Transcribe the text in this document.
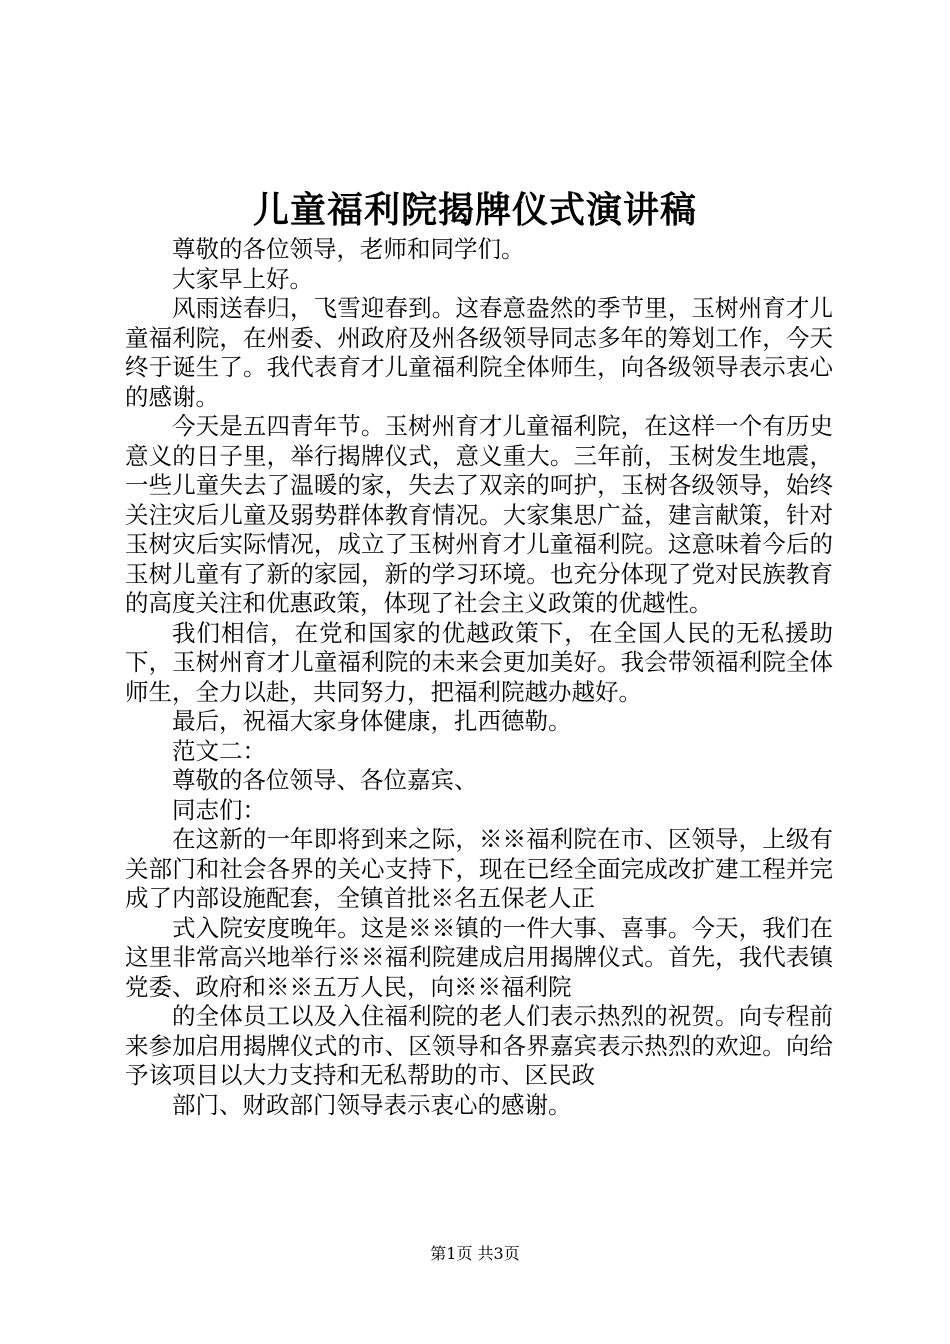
儿童福利院揭牌仪式演讲稿

尊敬的各位领导，老师和同学们。

大家早上好。

风雨送春归，飞雪迎春到。这春意盎然的季节里，玉树州育才儿童福利院，在州委、州政府及州各级领导同志多年的筹划工作，今天终于诞生了。我代表育才儿童福利院全体师生，向各级领导表示衷心的感谢。

今天是五四青年节。玉树州育才儿童福利院，在这样一个有历史意义的日子里，举行揭牌仪式，意义重大。三年前，玉树发生地震，一些儿童失去了温暖的家，失去了双亲的呵护，玉树各级领导，始终关注灾后儿童及弱势群体教育情况。大家集思广益，建言献策，针对玉树灾后实际情况，成立了玉树州育才儿童福利院。这意味着今后的玉树儿童有了新的家园，新的学习环境。也充分体现了党对民族教育的高度关注和优惠政策，体现了社会主义政策的优越性。

我们相信，在党和国家的优越政策下，在全国人民的无私援助下，玉树州育才儿童福利院的未来会更加美好。我会带领福利院全体师生，全力以赴，共同努力，把福利院越办越好。

最后，祝福大家身体健康，扎西德勒。

范文二：

尊敬的各位领导、各位嘉宾、

同志们：

在这新的一年即将到来之际，※※福利院在市、区领导，上级有关部门和社会各界的关心支持下，现在已经全面完成改扩建工程并完成了内部设施配套，全镇首批※名五保老人正

式入院安度晚年。这是※※镇的一件大事、喜事。今天，我们在这里非常高兴地举行※※福利院建成启用揭牌仪式。首先，我代表镇党委、政府和※※五万人民，向※※福利院

的全体员工以及入住福利院的老人们表示热烈的祝贺。向专程前来参加启用揭牌仪式的市、区领导和各界嘉宾表示热烈的欢迎。向给予该项目以大力支持和无私帮助的市、区民政

部门、财政部门领导表示衷心的感谢。

第1页 共3页
